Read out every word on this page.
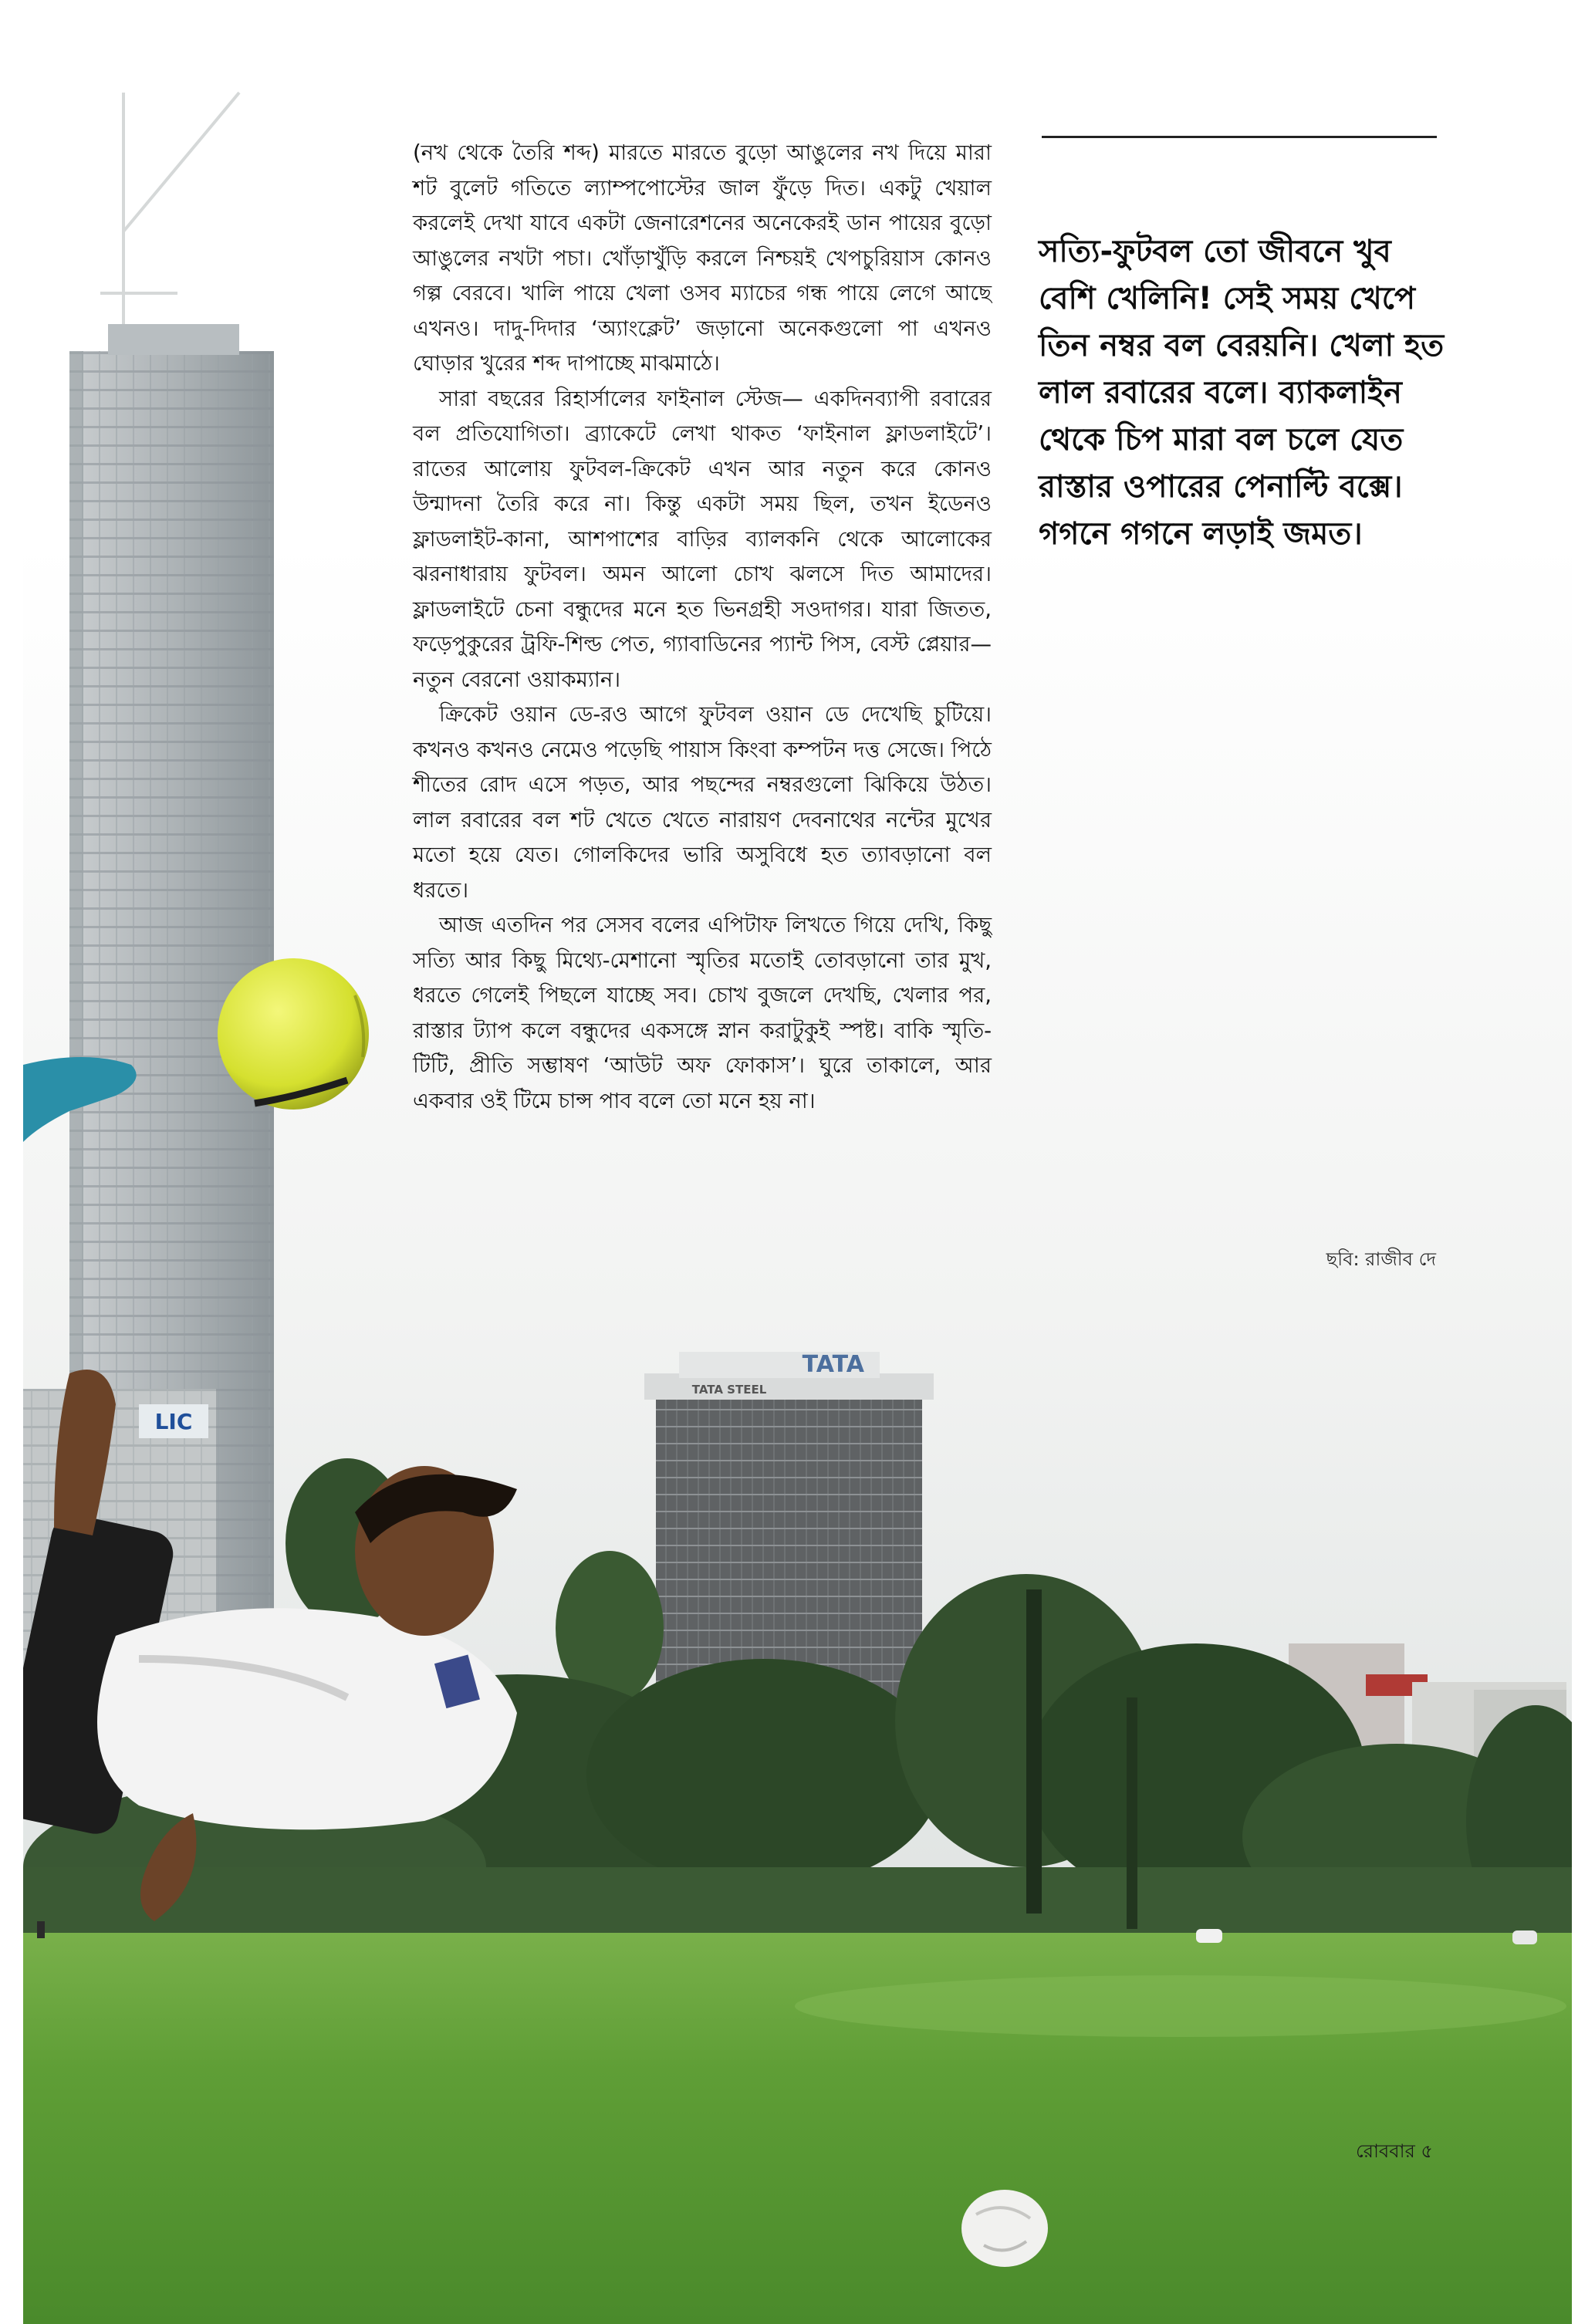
LIC
TATA
TATA STEEL

(নখ থেকে তৈরি শব্দ) মারতে মারতে বুড়ো আঙুলের নখ দিয়ে মারা শট বুলেট গতিতে ল্যাম্পপোস্টের জাল ফুঁড়ে দিত। একটু খেয়াল করলেই দেখা যাবে একটা জেনারেশনের অনেকেরই ডান পায়ের বুড়ো আঙুলের নখটা পচা। খোঁড়াখুঁড়ি করলে নিশ্চয়ই খেপচুরিয়াস কোনও গল্প বেরবে। খালি পায়ে খেলা ওসব ম্যাচের গন্ধ পায়ে লেগে আছে এখনও। দাদু-দিদার ‘অ্যাংক্লেট’ জড়ানো অনেকগুলো পা এখনও ঘোড়ার খুরের শব্দ দাপাচ্ছে মাঝমাঠে।

সারা বছরের রিহার্সালের ফাইনাল স্টেজ— একদিনব্যাপী রবারের বল প্রতিযোগিতা। ব্র্যাকেটে লেখা থাকত ‘ফাইনাল ফ্লাডলাইটে’। রাতের আলোয় ফুটবল-ক্রিকেট এখন আর নতুন করে কোনও উন্মাদনা তৈরি করে না। কিন্তু একটা সময় ছিল, তখন ইডেনও ফ্লাডলাইট-কানা, আশপাশের বাড়ির ব্যালকনি থেকে আলোকের ঝরনাধারায় ফুটবল। অমন আলো চোখ ঝলসে দিত আমাদের। ফ্লাডলাইটে চেনা বন্ধুদের মনে হত ভিনগ্রহী সওদাগর। যারা জিতত, ফড়েপুকুরের ট্রফি-শিল্ড পেত, গ্যাবাডিনের প্যান্ট পিস, বেস্ট প্লেয়ার— নতুন বেরনো ওয়াকম্যান।

ক্রিকেট ওয়ান ডে-রও আগে ফুটবল ওয়ান ডে দেখেছি চুটিয়ে। কখনও কখনও নেমেও পড়েছি পায়াস কিংবা কম্পটন দত্ত সেজে। পিঠে শীতের রোদ এসে পড়ত, আর পছন্দের নম্বরগুলো ঝিকিয়ে উঠত। লাল রবারের বল শট খেতে খেতে নারায়ণ দেবনাথের নন্টের মুখের মতো হয়ে যেত। গোলকিদের ভারি অসুবিধে হত ত্যাবড়ানো বল ধরতে।

আজ এতদিন পর সেসব বলের এপিটাফ লিখতে গিয়ে দেখি, কিছু সত্যি আর কিছু মিথ্যে-মেশানো স্মৃতির মতোই তোবড়ানো তার মুখ, ধরতে গেলেই পিছলে যাচ্ছে সব। চোখ বুজলে দেখছি, খেলার পর, রাস্তার ট্যাপ কলে বন্ধুদের একসঙ্গে স্নান করাটুকুই স্পষ্ট। বাকি স্মৃতি-টিটি, প্রীতি সম্ভাষণ ‘আউট অফ ফোকাস’। ঘুরে তাকালে, আর একবার ওই টিমে চান্স পাব বলে তো মনে হয় না।

সত্যি-ফুটবল তো জীবনে খুব বেশি খেলিনি! সেই সময় খেপে তিন নম্বর বল বেরয়নি। খেলা হত লাল রবারের বলে। ব্যাকলাইন থেকে চিপ মারা বল চলে যেত রাস্তার ওপারের পেনাল্টি বক্সে। গগনে গগনে লড়াই জমত।

ছবি: রাজীব দে
রোববার ৫
